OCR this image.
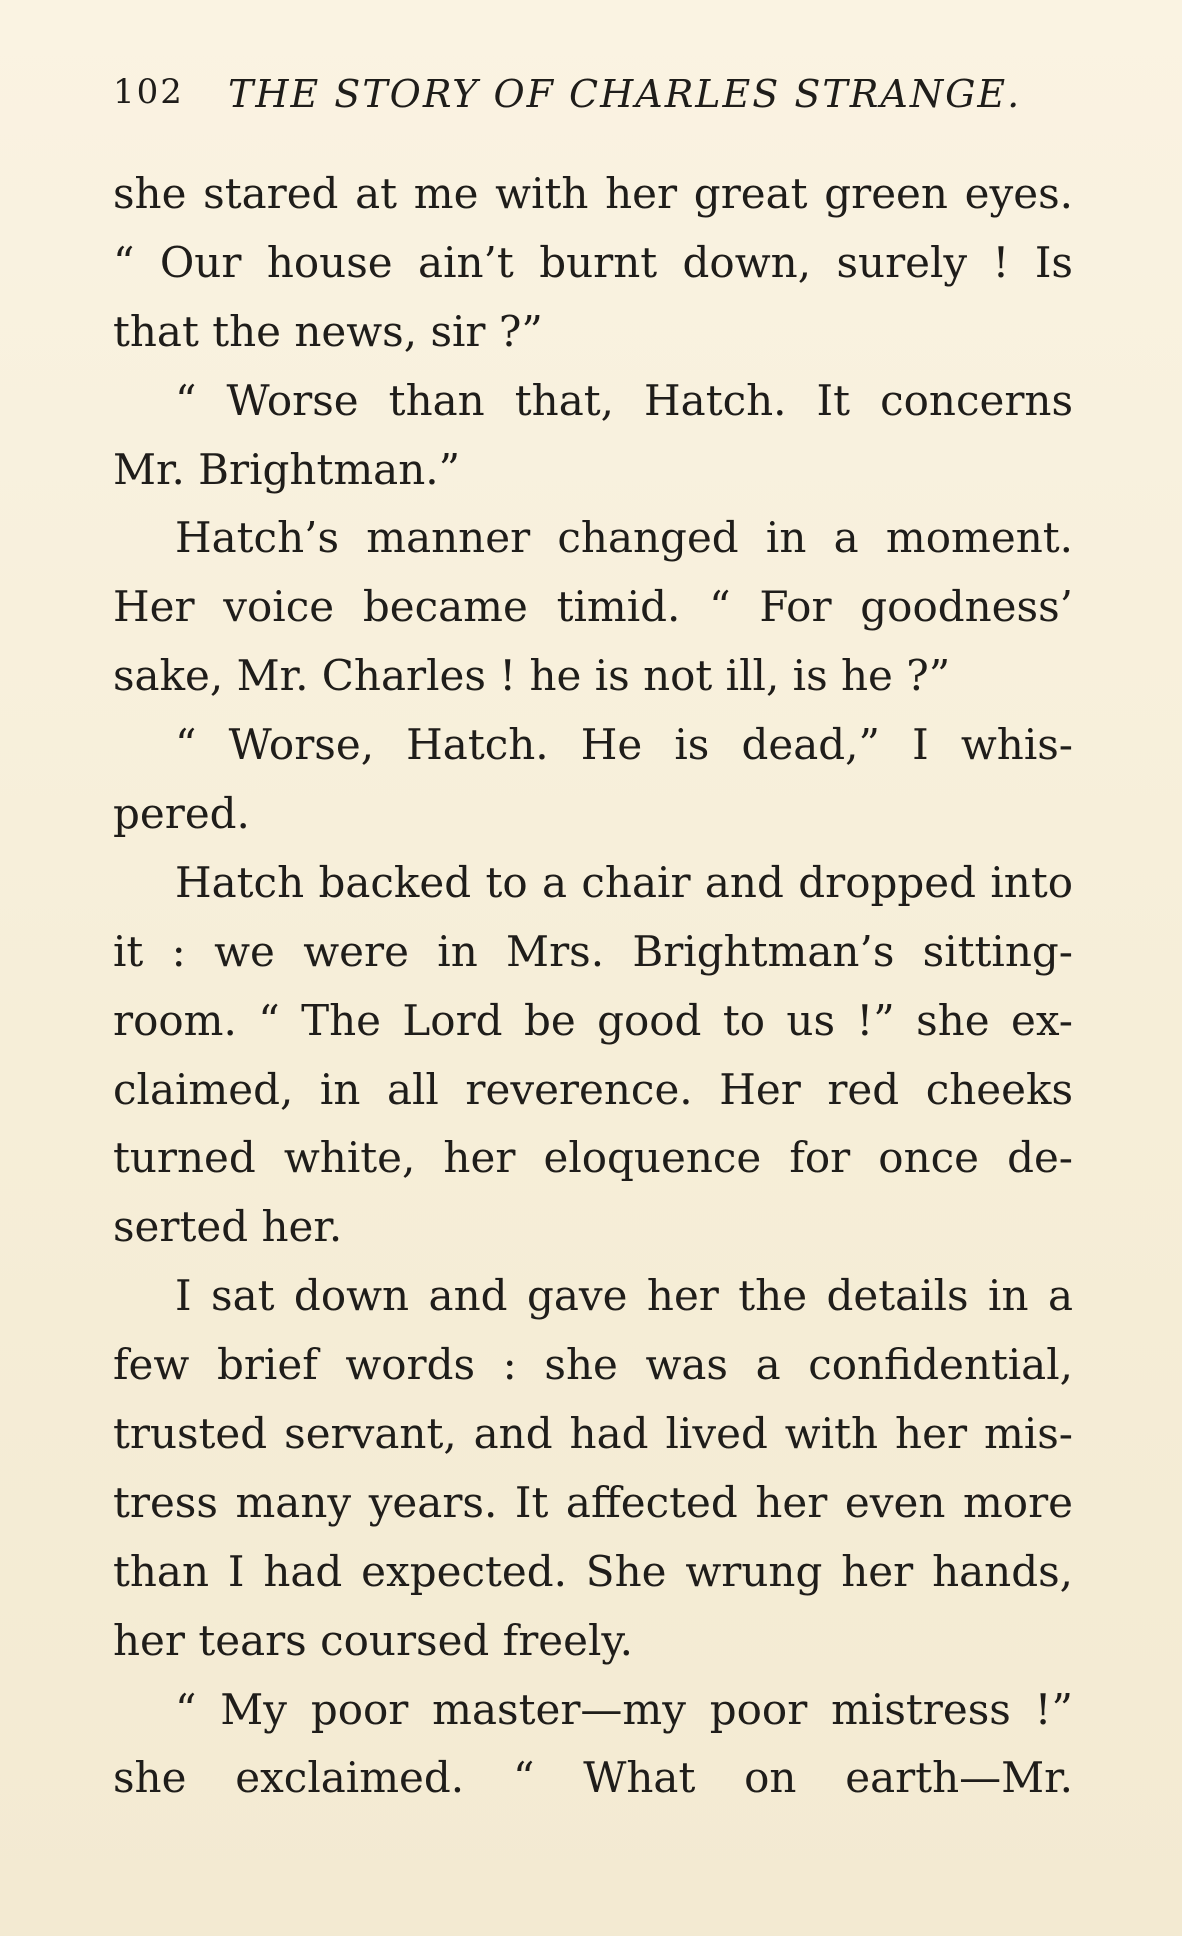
102 THE STORY OF CHARLES STRANGE.
she stared at me with her great green eyes.
“ Our house ain’t burnt down, surely ! Is
that the news, sir ?”
“ Worse than that, Hatch. It concerns
Mr. Brightman.”
Hatch’s manner changed in a moment.
Her voice became timid. “ For goodness’
sake, Mr. Charles ! he is not ill, is he ?”
“ Worse, Hatch. He is dead,” I whis-
pered.
Hatch backed to a chair and dropped into
it : we were in Mrs. Brightman’s sitting-
room. “ The Lord be good to us !” she ex-
claimed, in all reverence. Her red cheeks
turned white, her eloquence for once de-
serted her.
I sat down and gave her the details in a
few brief words : she was a confidential,
trusted servant, and had lived with her mis-
tress many years. It affected her even more
than I had expected. She wrung her hands,
her tears coursed freely.
“ My poor master—my poor mistress !”
she exclaimed. “ What on earth—Mr.
